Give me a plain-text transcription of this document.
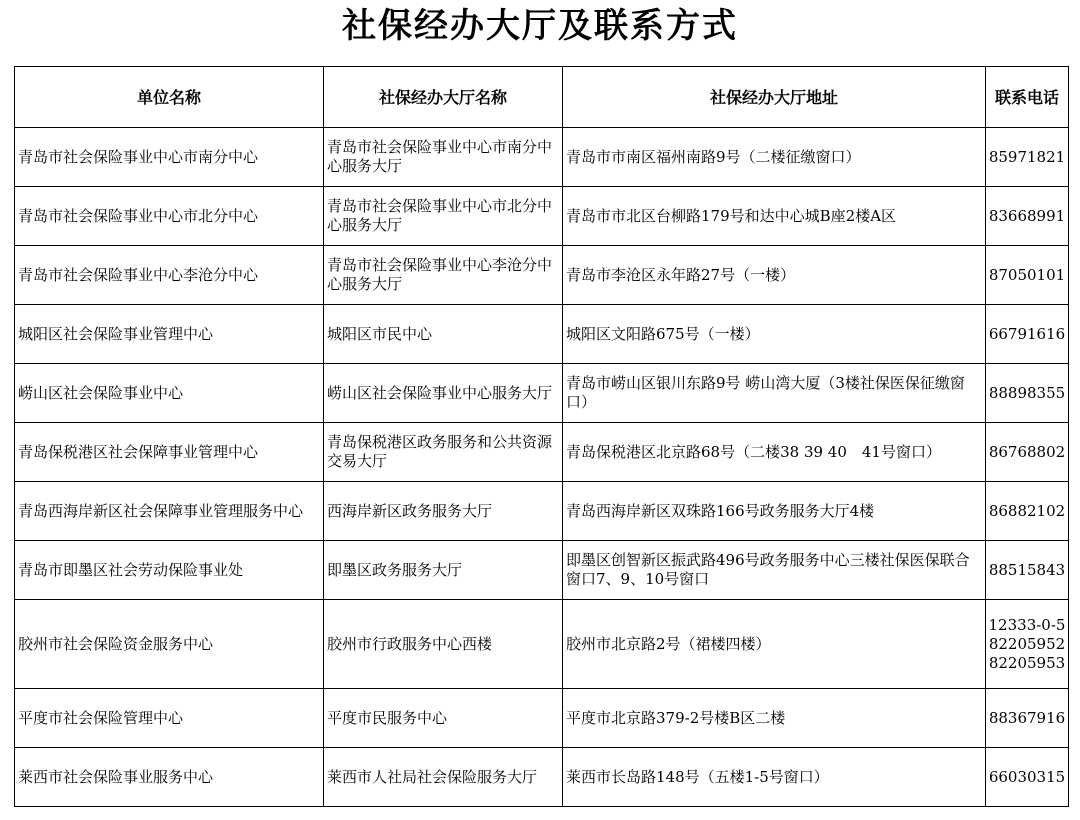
社保经办大厅及联系方式
单位名称	社保经办大厅名称	社保经办大厅地址	联系电话
青岛市社会保险事业中心市南分中心	青岛市社会保险事业中心市南分中心服务大厅	青岛市市南区福州南路9号（二楼征缴窗口）	85971821

青岛市社会保险事业中心市北分中心	青岛市社会保险事业中心市北分中心服务大厅	青岛市市北区台柳路179号和达中心城B座2楼A区	83668991

青岛市社会保险事业中心李沧分中心	青岛市社会保险事业中心李沧分中心服务大厅	青岛市李沧区永年路27号（一楼）	87050101

城阳区社会保险事业管理中心	城阳区市民中心	城阳区文阳路675号（一楼）	66791616

崂山区社会保险事业中心	崂山区社会保险事业中心服务大厅	青岛市崂山区银川东路9号 崂山湾大厦（3楼社保医保征缴窗口）	88898355

青岛保税港区社会保障事业管理中心	青岛保税港区政务服务和公共资源交易大厅	青岛保税港区北京路68号（二楼38 39 40　41号窗口）	86768802

青岛西海岸新区社会保障事业管理服务中心	西海岸新区政务服务大厅	青岛西海岸新区双珠路166号政务服务大厅4楼	86882102

青岛市即墨区社会劳动保险事业处	即墨区政务服务大厅	即墨区创智新区振武路496号政务服务中心三楼社保医保联合窗口7、9、10号窗口	88515843

胶州市社会保险资金服务中心	胶州市行政服务中心西楼	胶州市北京路2号（裙楼四楼）	12333-0-5
82205952
82205953

平度市社会保险管理中心	平度市民服务中心	平度市北京路379-2号楼B区二楼	88367916

莱西市社会保险事业服务中心	莱西市人社局社会保险服务大厅	莱西市长岛路148号（五楼1-5号窗口）	66030315
